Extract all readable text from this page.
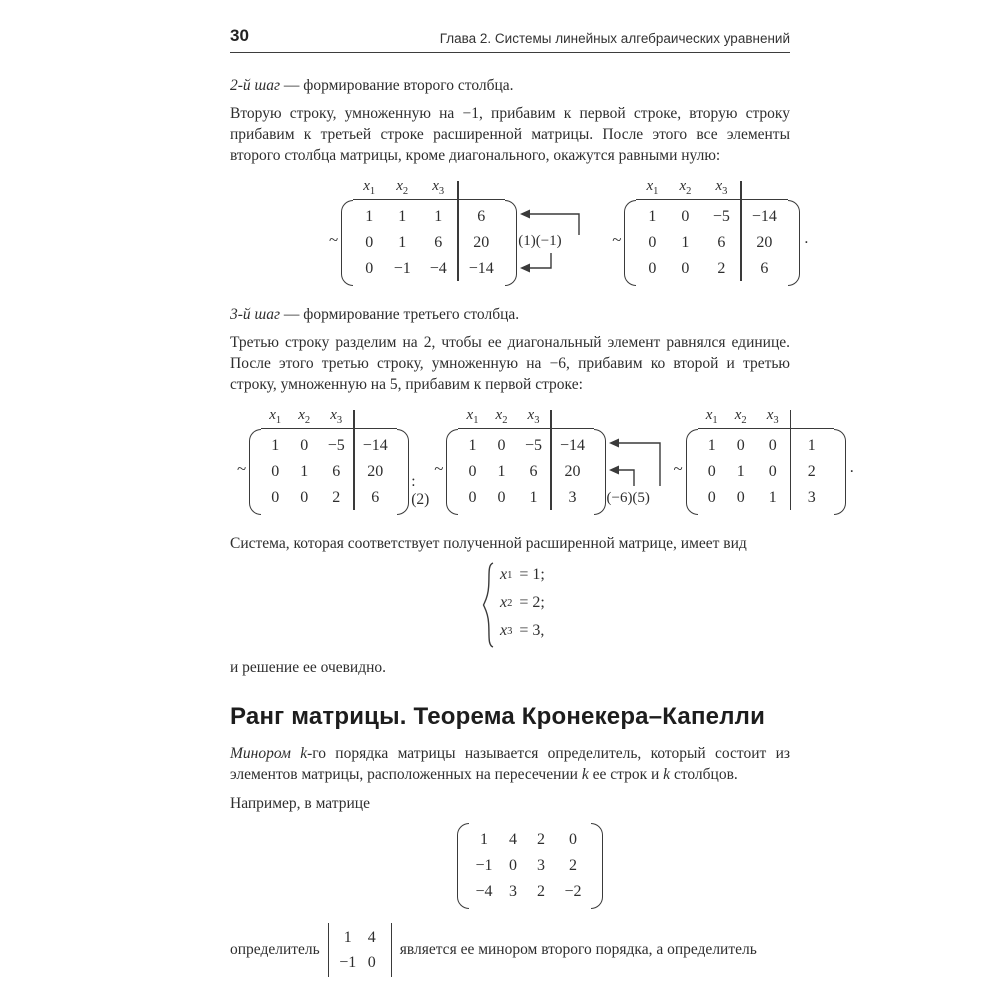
30	Глава 2. Системы линейных алгебраических уравнений
2-й шаг — формирование второго столбца.
Вторую строку, умноженную на −1, прибавим к первой строке, вторую строку прибавим к третьей строке расширенной матрицы. После этого все элементы второго столбца матрицы, кроме диагонального, окажутся равными нулю:
~
$x_1$	$x_2$	$x_3$
1	1	1	6
0	1	6	20
0	−1	−4	−14
(1)(−1)	~
$x_1$	$x_2$	$x_3$
1	0	−5	−14
0	1	6	20
0	0	2	6
.
3-й шаг — формирование третьего столбца.
Третью строку разделим на 2, чтобы ее диагональный элемент равнялся единице. После этого третью строку, умноженную на −6, прибавим ко второй и третью строку, умноженную на 5, прибавим к первой строке:
~
$x_1$	$x_2$	$x_3$
1	0	−5	−14
0	1	6	20
0	0	2	6
:(2)
~
$x_1$	$x_2$	$x_3$
1	0	−5	−14
0	1	6	20
0	0	1	3	(−6)(5)
~
$x_1$	$x_2$	$x_3$
1	0	0	1
0	1	0	2
0	0	1	3
.
Система, которая соответствует полученной расширенной матрице, имеет вид
x 1 = 1;
x 2 = 2;
x 3 = 3,
и решение ее очевидно.
Ранг матрицы. Теорема Кронекера–Капелли
Минором k-го порядка матрицы называется определитель, который состоит из элементов матрицы, расположенных на пересечении k ее строк и k столбцов.
Например, в матрице
1	4	2	0
−1	0	3	2
−4	3	2	−2
определитель
1	4
−1 0
является ее минором второго порядка, а определитель
